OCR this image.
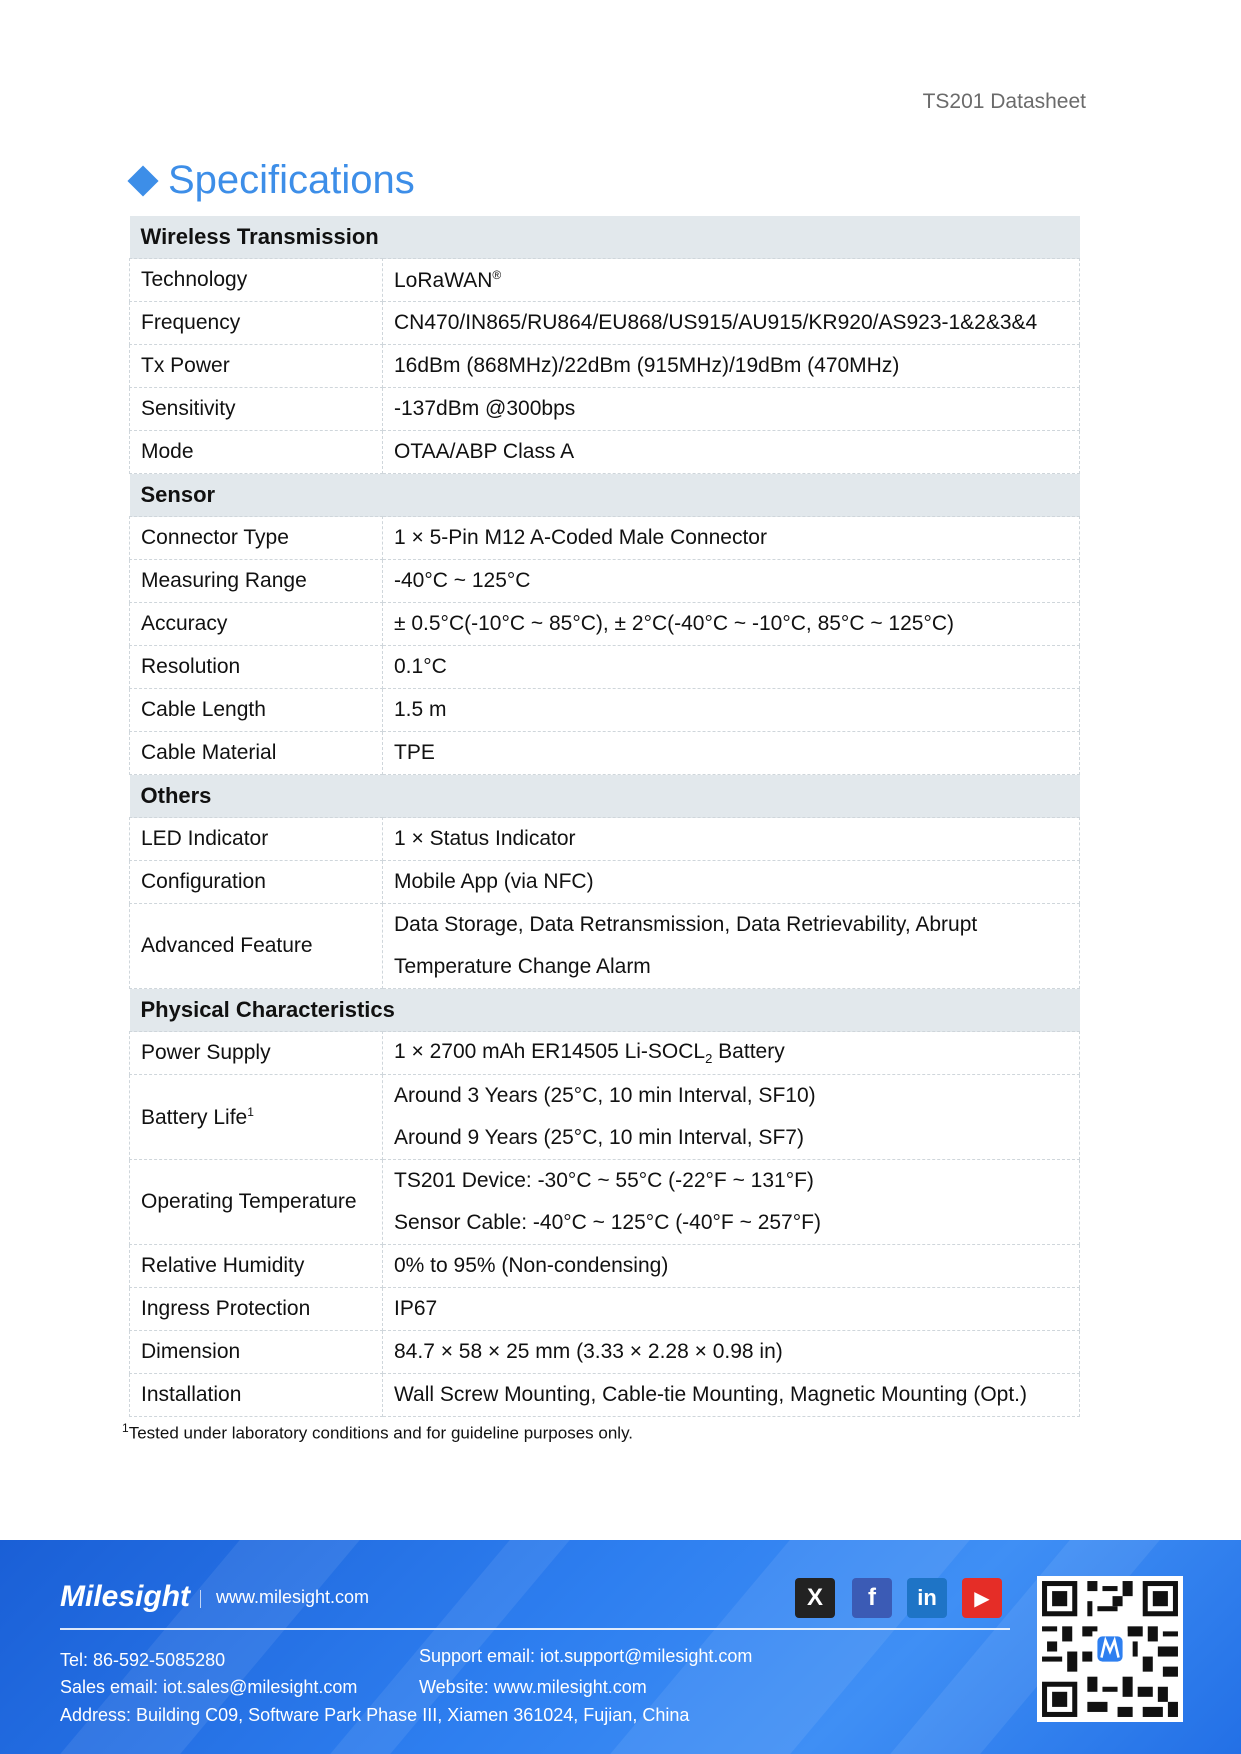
TS201 Datasheet
Specifications
Wireless Transmission	
Technology	LoRaWAN®
Frequency	CN470/IN865/RU864/EU868/US915/AU915/KR920/AS923-1&2&3&4
Tx Power	16dBm (868MHz)/22dBm (915MHz)/19dBm (470MHz)
Sensitivity	-137dBm @300bps
Mode	OTAA/ABP Class A
Sensor	
Connector Type	1 × 5-Pin M12 A-Coded Male Connector
Measuring Range	-40°C ~ 125°C
Accuracy	± 0.5°C(-10°C ~ 85°C), ± 2°C(-40°C ~ -10°C, 85°C ~ 125°C)
Resolution	0.1°C
Cable Length	1.5 m
Cable Material	TPE
Others	
LED Indicator	1 × Status Indicator
Configuration	Mobile App (via NFC)
Advanced Feature	Data Storage, Data Retransmission, Data Retrievability, Abrupt
Temperature Change Alarm

Physical Characteristics	
Power Supply	1 × 2700 mAh ER14505 $Li-SOCL_2$ Battery
Battery Life$^1$	Around 3 Years (25°C, 10 min Interval, SF10)
Around 9 Years (25°C, 10 min Interval, SF7)

Operating Temperature	TS201 Device: -30°C ~ 55°C (-22°F ~ 131°F)
Sensor Cable: -40°C ~ 125°C (-40°F ~ 257°F)

Relative Humidity	0% to 95% (Non-condensing)
Ingress Protection	IP67
Dimension	84.7 × 58 × 25 mm (3.33 × 2.28 × 0.98 in)
Installation	Wall Screw Mounting, Cable-tie Mounting, Magnetic Mounting (Opt.)
$^1$Tested under laboratory conditions and for guideline purposes only.
Milesight www.milesight.com	X	f	in	▶
Tel: 86-592-5085280
Sales email: iot.sales@milesight.com
Address: Building C09, Software Park Phase III, Xiamen 361024, Fujian, China
Support email: iot.support@milesight.com
Website: www.milesight.com
